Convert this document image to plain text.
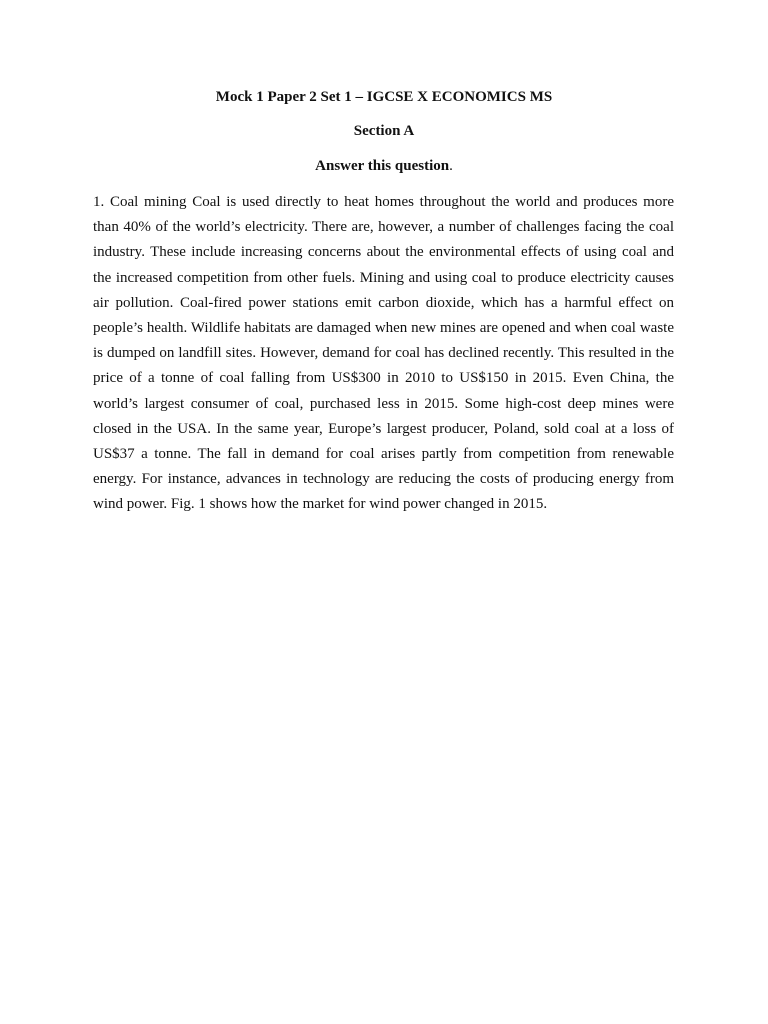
Mock 1 Paper 2 Set 1 – IGCSE X ECONOMICS MS
Section A

Answer this question.

1. Coal mining Coal is used directly to heat homes throughout the world and produces more than 40% of the world’s electricity. There are, however, a number of challenges facing the coal industry. These include increasing concerns about the environmental effects of using coal and the increased competition from other fuels. Mining and using coal to produce electricity causes air pollution. Coal-fired power stations emit carbon dioxide, which has a harmful effect on people’s health. Wildlife habitats are damaged when new mines are opened and when coal waste is dumped on landfill sites. However, demand for coal has declined recently. This resulted in the price of a tonne of coal falling from US$300 in 2010 to US$150 in 2015. Even China, the world’s largest consumer of coal, purchased less in 2015. Some high-cost deep mines were closed in the USA. In the same year, Europe’s largest producer, Poland, sold coal at a loss of US$37 a tonne. The fall in demand for coal arises partly from competition from renewable energy. For instance, advances in technology are reducing the costs of producing energy from wind power. Fig. 1 shows how the market for wind power changed in 2015.
